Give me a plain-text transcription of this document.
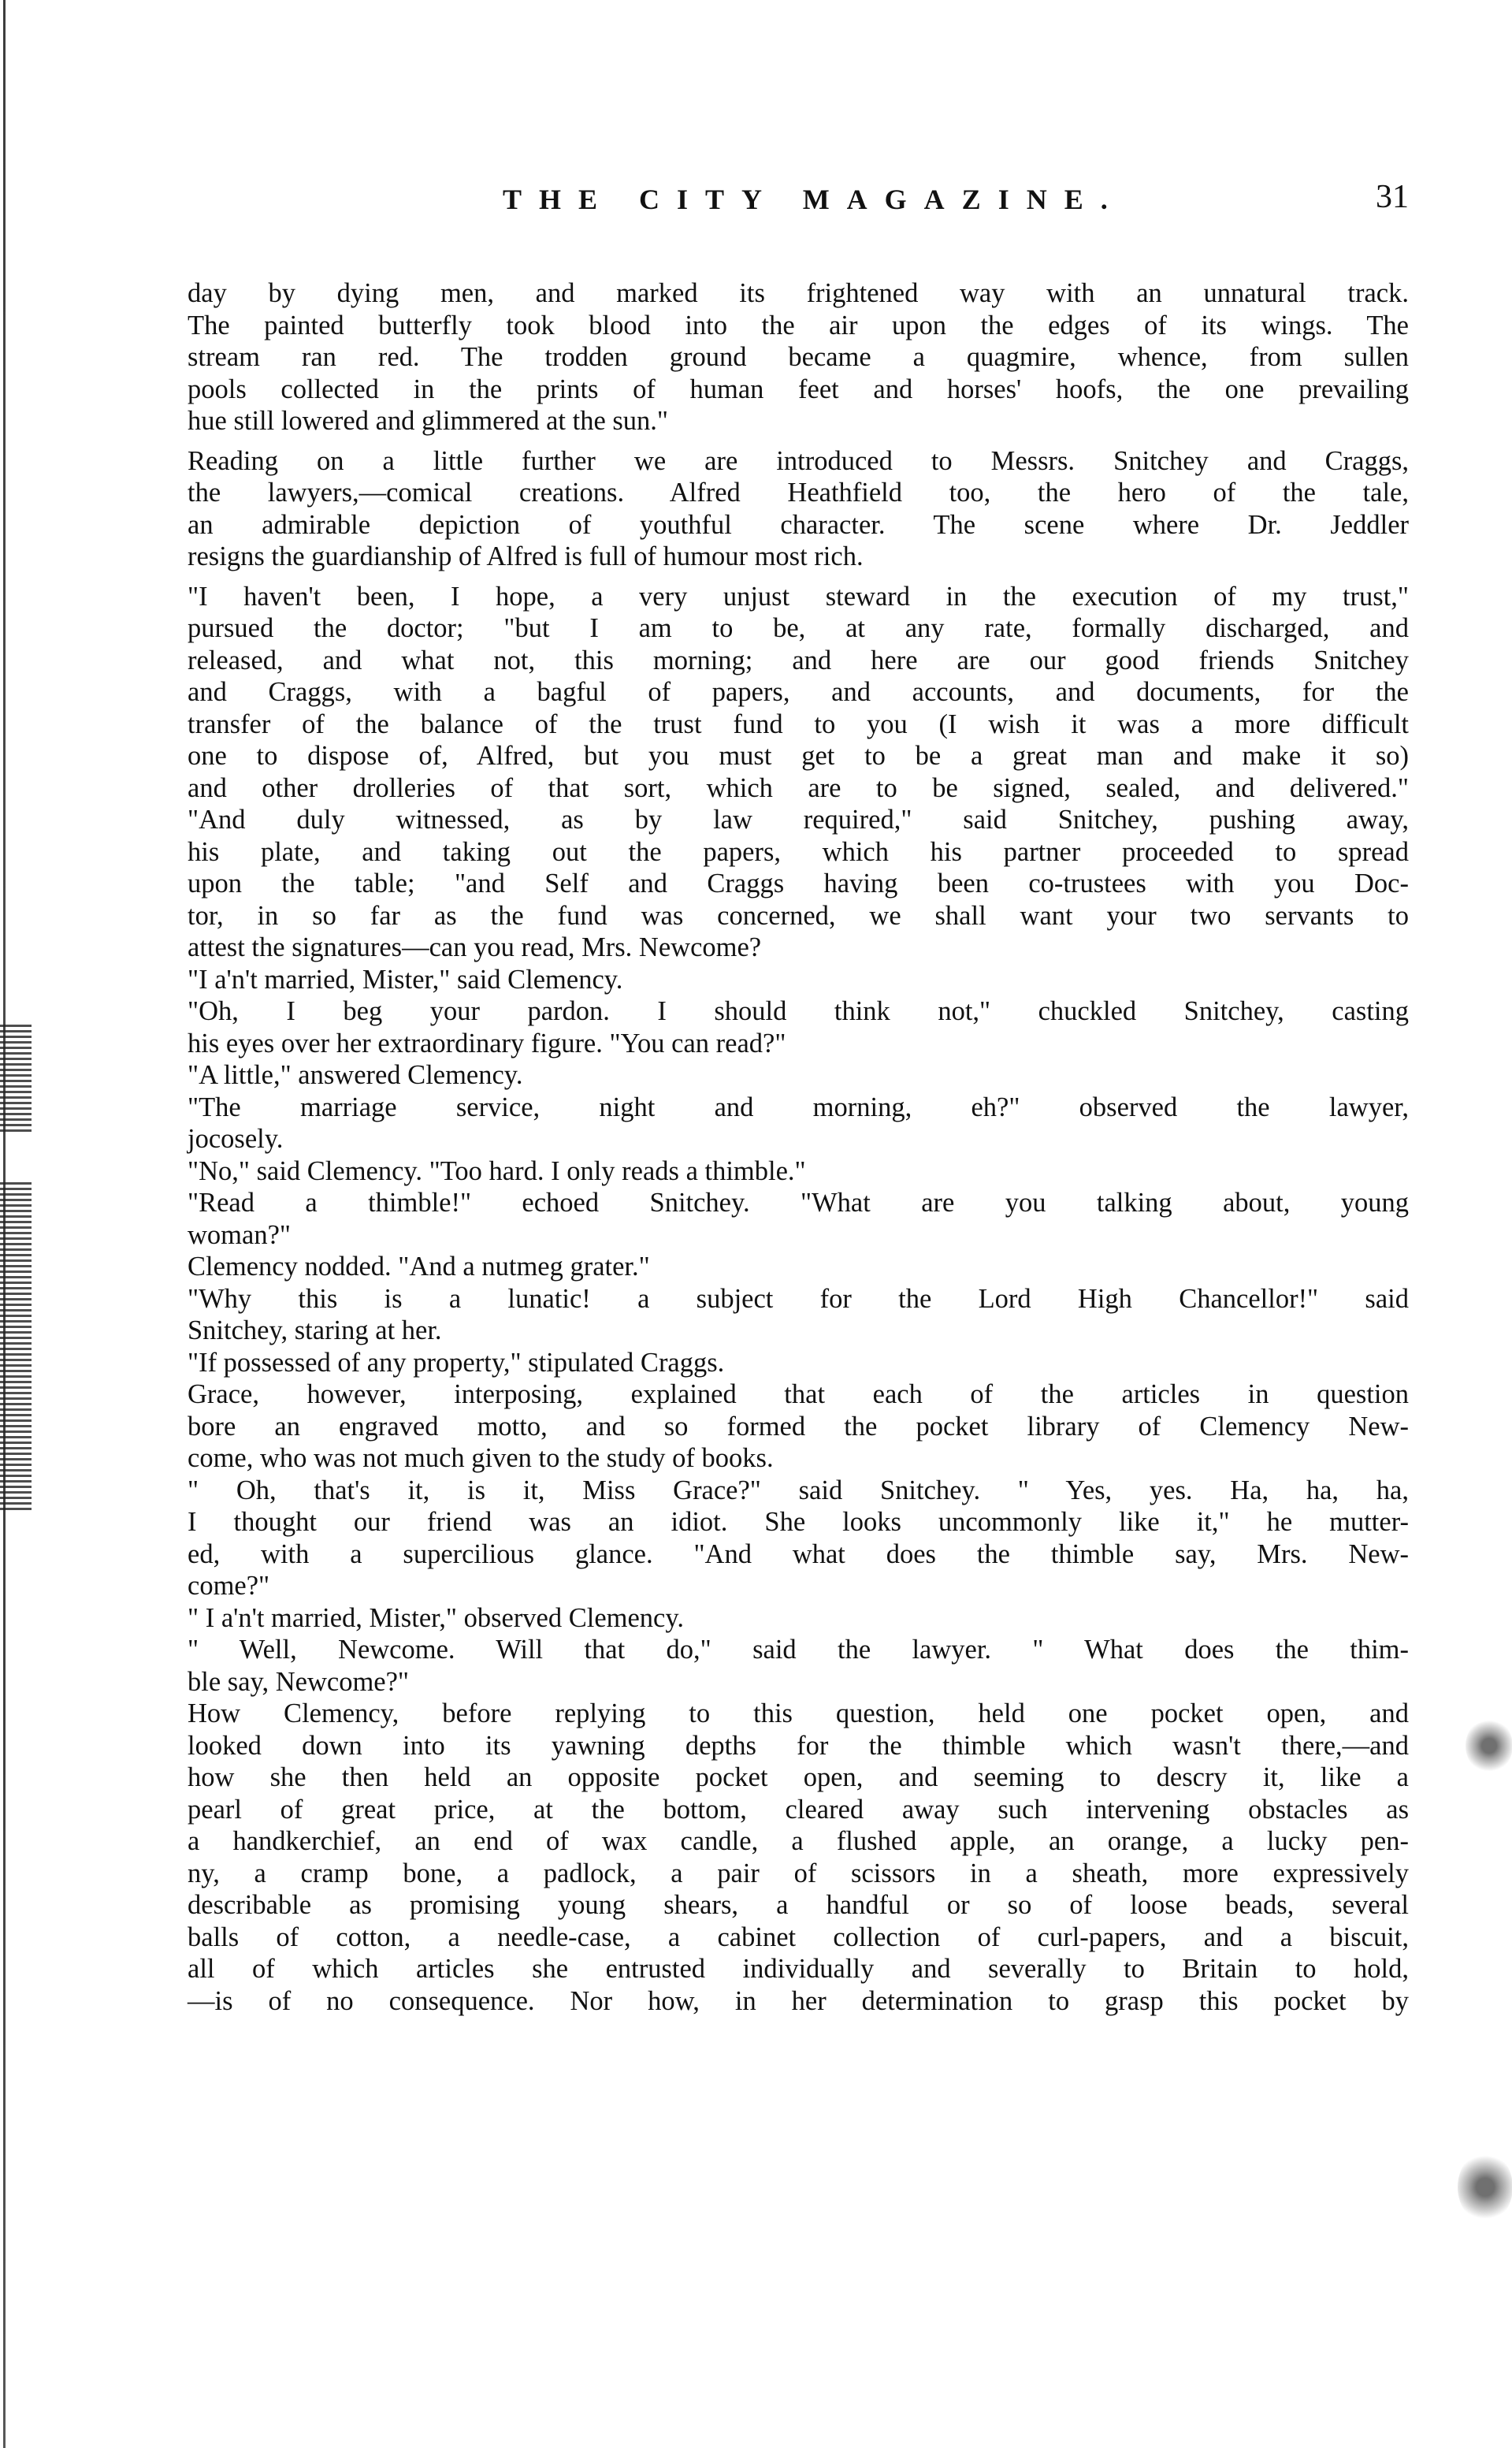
THE CITY MAGAZINE.	31
day by dying men, and marked its frightened way with an unnatural track.
The painted butterfly took blood into the air upon the edges of its wings. The
stream ran red. The trodden ground became a quagmire, whence, from sullen
pools collected in the prints of human feet and horses' hoofs, the one prevailing
hue still lowered and glimmered at the sun."
Reading on a little further we are introduced to Messrs. Snitchey and Craggs,
the lawyers,—comical creations. Alfred Heathfield too, the hero of the tale,
an admirable depiction of youthful character. The scene where Dr. Jeddler
resigns the guardianship of Alfred is full of humour most rich.
"I haven't been, I hope, a very unjust steward in the execution of my trust,"
pursued the doctor; "but I am to be, at any rate, formally discharged, and
released, and what not, this morning; and here are our good friends Snitchey
and Craggs, with a bagful of papers, and accounts, and documents, for the
transfer of the balance of the trust fund to you (I wish it was a more difficult
one to dispose of, Alfred, but you must get to be a great man and make it so)
and other drolleries of that sort, which are to be signed, sealed, and delivered."
"And duly witnessed, as by law required," said Snitchey, pushing away,
his plate, and taking out the papers, which his partner proceeded to spread
upon the table; "and Self and Craggs having been co-trustees with you Doc-
tor, in so far as the fund was concerned, we shall want your two servants to
attest the signatures—can you read, Mrs. Newcome?
"I a'n't married, Mister," said Clemency.
"Oh, I beg your pardon. I should think not," chuckled Snitchey, casting
his eyes over her extraordinary figure. "You can read?"
"A little," answered Clemency.
"The marriage service, night and morning, eh?" observed the lawyer,
jocosely.
"No," said Clemency. "Too hard. I only reads a thimble."
"Read a thimble!" echoed Snitchey. "What are you talking about, young
woman?"
Clemency nodded. "And a nutmeg grater."
"Why this is a lunatic! a subject for the Lord High Chancellor!" said
Snitchey, staring at her.
"If possessed of any property," stipulated Craggs.
Grace, however, interposing, explained that each of the articles in question
bore an engraved motto, and so formed the pocket library of Clemency New-
come, who was not much given to the study of books.
" Oh, that's it, is it, Miss Grace?" said Snitchey. " Yes, yes. Ha, ha, ha,
I thought our friend was an idiot. She looks uncommonly like it," he mutter-
ed, with a supercilious glance. "And what does the thimble say, Mrs. New-
come?"
" I a'n't married, Mister," observed Clemency.
" Well, Newcome. Will that do," said the lawyer. " What does the thim-
ble say, Newcome?"
How Clemency, before replying to this question, held one pocket open, and
looked down into its yawning depths for the thimble which wasn't there,—and
how she then held an opposite pocket open, and seeming to descry it, like a
pearl of great price, at the bottom, cleared away such intervening obstacles as
a handkerchief, an end of wax candle, a flushed apple, an orange, a lucky pen-
ny, a cramp bone, a padlock, a pair of scissors in a sheath, more expressively
describable as promising young shears, a handful or so of loose beads, several
balls of cotton, a needle-case, a cabinet collection of curl-papers, and a biscuit,
all of which articles she entrusted individually and severally to Britain to hold,
—is of no consequence. Nor how, in her determination to grasp this pocket by
